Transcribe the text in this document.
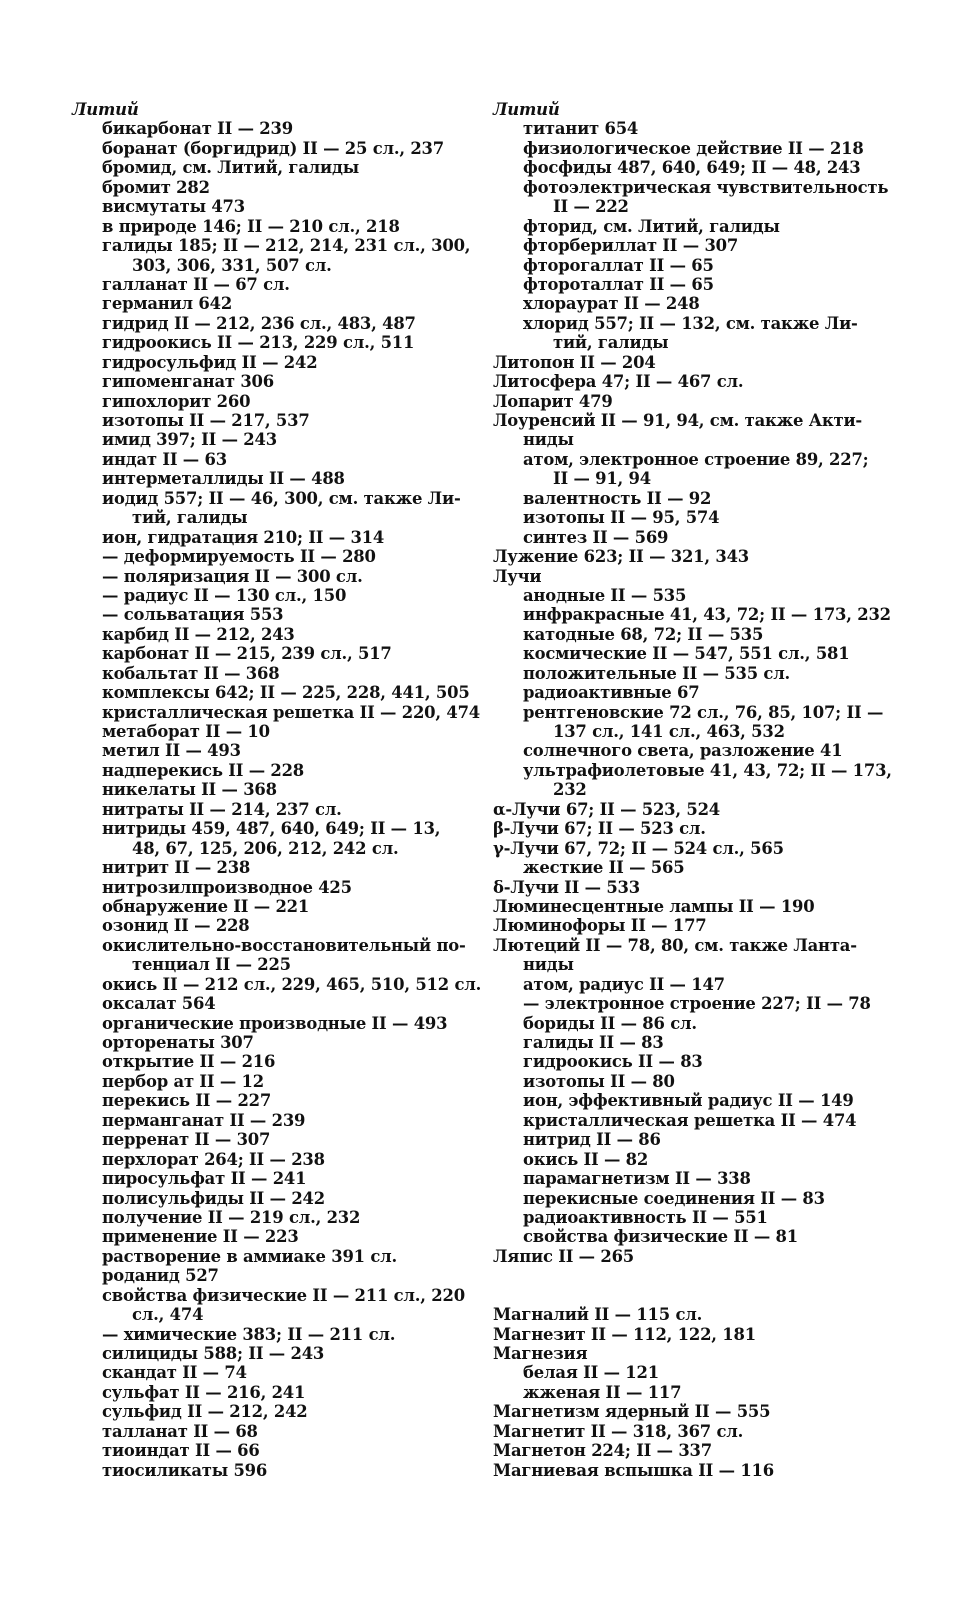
Литий
бикарбонат II — 239
боранат (боргидрид) II — 25 сл., 237
бромид, см. Литий, галиды
бромит 282
висмутаты 473
в природе 146; II — 210 сл., 218
галиды 185; II — 212, 214, 231 сл., 300,
303, 306, 331, 507 сл.
галланат II — 67 сл.
германил 642
гидрид II — 212, 236 сл., 483, 487
гидроокись II — 213, 229 сл., 511
гидросульфид II — 242
гипоменганат 306
гипохлорит 260
изотопы II — 217, 537
имид 397; II — 243
индат II — 63
интерметаллиды II — 488
иодид 557; II — 46, 300, см. также Ли-
тий, галиды
ион, гидратация 210; II — 314
— деформируемость II — 280
— поляризация II — 300 сл.
— радиус II — 130 сл., 150
— сольватация 553
карбид II — 212, 243
карбонат II — 215, 239 сл., 517
кобальтат II — 368
комплексы 642; II — 225, 228, 441, 505
кристаллическая решетка II — 220, 474
метаборат II — 10
метил II — 493
надперекись II — 228
никелаты II — 368
нитраты II — 214, 237 сл.
нитриды 459, 487, 640, 649; II — 13,
48, 67, 125, 206, 212, 242 сл.
нитрит II — 238
нитрозилпроизводное 425
обнаружение II — 221
озонид II — 228
окислительно-восстановительный по-
тенциал II — 225
окись II — 212 сл., 229, 465, 510, 512 сл.
оксалат 564
органические производные II — 493
орторенаты 307
открытие II — 216
пербор ат II — 12
перекись II — 227
перманганат II — 239
перренат II — 307
перхлорат 264; II — 238
пиросульфат II — 241
полисульфиды II — 242
получение II — 219 сл., 232
применение II — 223
растворение в аммиаке 391 сл.
роданид 527
свойства физические II — 211 сл., 220
сл., 474
— химические 383; II — 211 сл.
силициды 588; II — 243
скандат II — 74
сульфат II — 216, 241
сульфид II — 212, 242
талланат II — 68
тиоиндат II — 66
тиосиликаты 596
Литий
титанит 654
физиологическое действие II — 218
фосфиды 487, 640, 649; II — 48, 243
фотоэлектрическая чувствительность
II — 222
фторид, см. Литий, галиды
фторбериллат II — 307
фторогаллат II — 65
фтороталлат II — 65
хлораурат II — 248
хлорид 557; II — 132, см. также Ли-
тий, галиды
Литопон II — 204
Литосфера 47; II — 467 сл.
Лопарит 479
Лоуренсий II — 91, 94, см. также Акти-
ниды
атом, электронное строение 89, 227;
II — 91, 94
валентность II — 92
изотопы II — 95, 574
синтез II — 569
Лужение 623; II — 321, 343
Лучи
анодные II — 535
инфракрасные 41, 43, 72; II — 173, 232
катодные 68, 72; II — 535
космические II — 547, 551 сл., 581
положительные II — 535 сл.
радиоактивные 67
рентгеновские 72 сл., 76, 85, 107; II —
137 сл., 141 сл., 463, 532
солнечного света, разложение 41
ультрафиолетовые 41, 43, 72; II — 173,
232
α-Лучи 67; II — 523, 524
β-Лучи 67; II — 523 сл.
γ-Лучи 67, 72; II — 524 сл., 565
жесткие II — 565
δ-Лучи II — 533
Люминесцентные лампы II — 190
Люминофоры II — 177
Лютеций II — 78, 80, см. также Ланта-
ниды
атом, радиус II — 147
— электронное строение 227; II — 78
бориды II — 86 сл.
галиды II — 83
гидроокись II — 83
изотопы II — 80
ион, эффективный радиус II — 149
кристаллическая решетка II — 474
нитрид II — 86
окись II — 82
парамагнетизм II — 338
перекисные соединения II — 83
радиоактивность II — 551
свойства физические II — 81
Ляпис II — 265
Магналий II — 115 сл.
Магнезит II — 112, 122, 181
Магнезия
белая II — 121
жженая II — 117
Магнетизм ядерный II — 555
Магнетит II — 318, 367 сл.
Магнетон 224; II — 337
Магниевая вспышка II — 116
